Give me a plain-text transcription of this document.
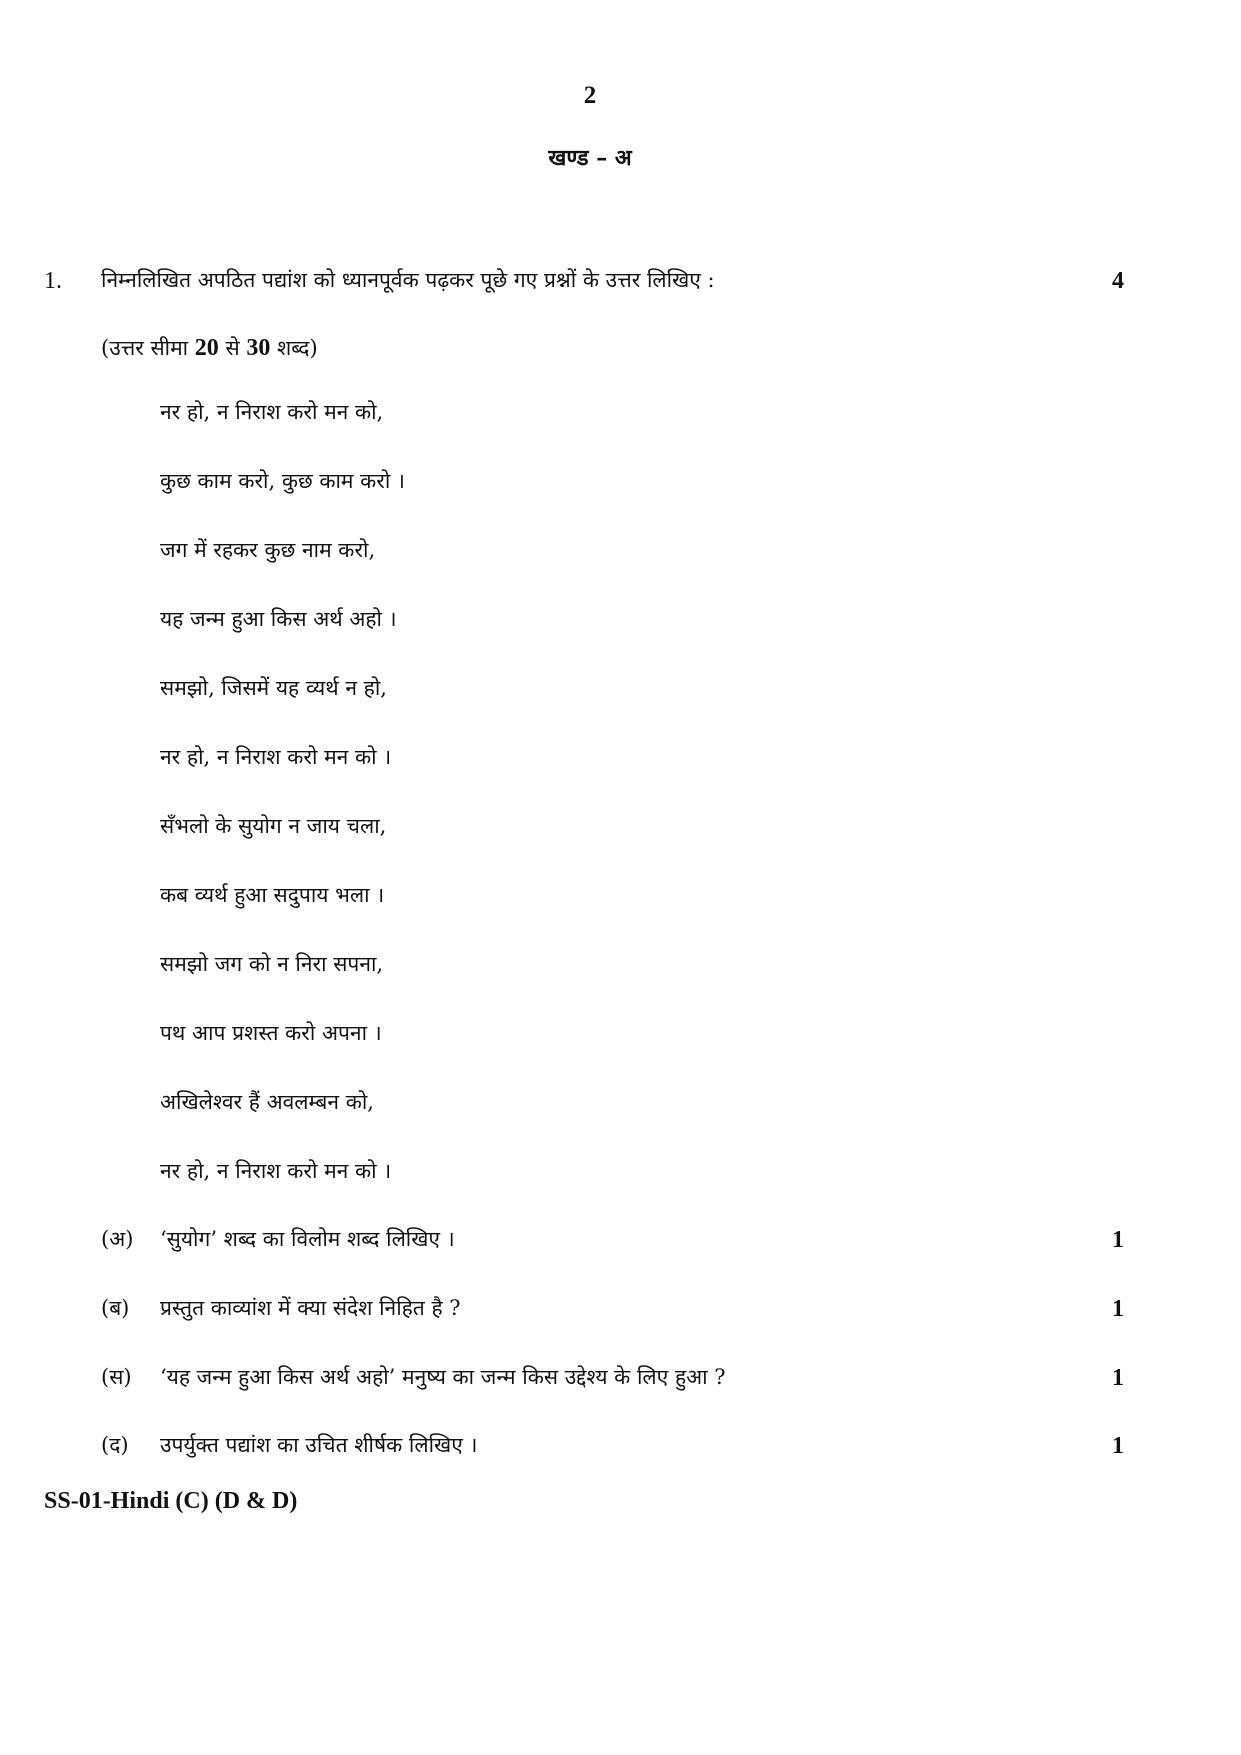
2
खण्ड – अ
1. निम्नलिखित अपठित पद्यांश को ध्यानपूर्वक पढ़कर पूछे गए प्रश्नों के उत्तर लिखिए :	4
(उत्तर सीमा 20 से 30 शब्द)
नर हो, न निराश करो मन को,
कुछ काम करो, कुछ काम करो ।
जग में रहकर कुछ नाम करो,
यह जन्म हुआ किस अर्थ अहो ।
समझो, जिसमें यह व्यर्थ न हो,
नर हो, न निराश करो मन को ।
सँभलो के सुयोग न जाय चला,
कब व्यर्थ हुआ सदुपाय भला ।
समझो जग को न निरा सपना,
पथ आप प्रशस्त करो अपना ।
अखिलेश्वर हैं अवलम्बन को,
नर हो, न निराश करो मन को ।
(अ) ‘सुयोग’ शब्द का विलोम शब्द लिखिए ।	1
(ब) प्रस्तुत काव्यांश में क्या संदेश निहित है ?	1
(स) ‘यह जन्म हुआ किस अर्थ अहो’ मनुष्य का जन्म किस उद्देश्य के लिए हुआ ?	1
(द) उपर्युक्त पद्यांश का उचित शीर्षक लिखिए ।	1
SS-01-Hindi (C) (D & D)
